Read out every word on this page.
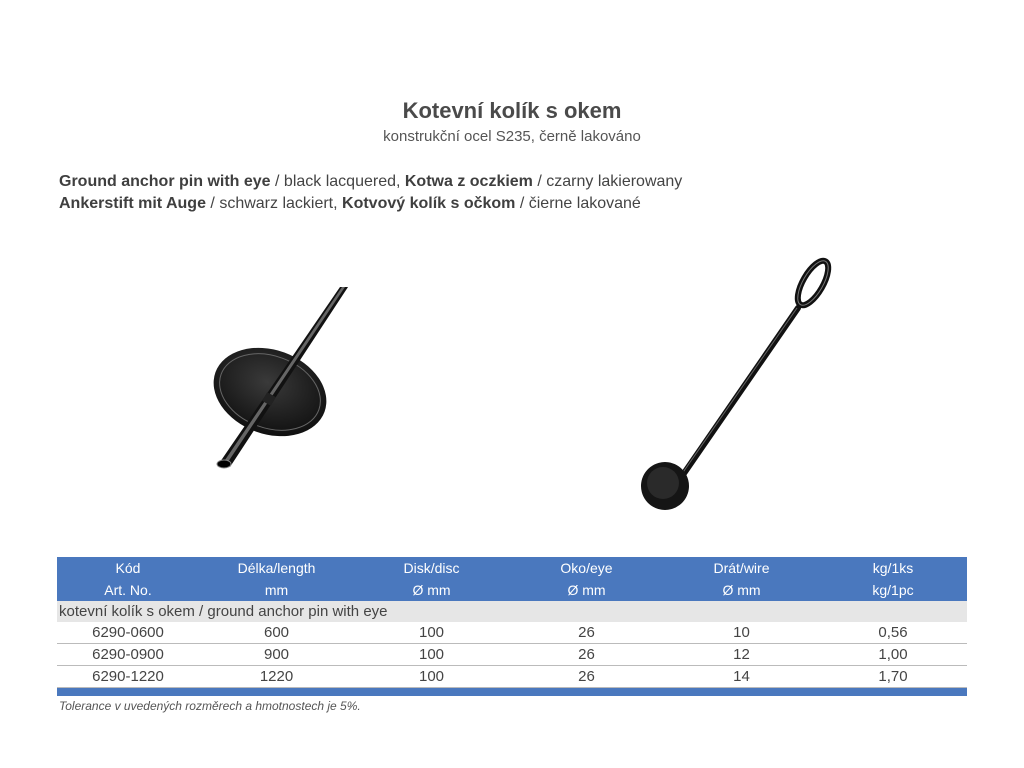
Kotevní kolík s okem
konstrukční ocel S235, černě lakováno
Ground anchor pin with eye / black lacquered, Kotwa z oczkiem / czarny lakierowany
Ankerstift mit Auge / schwarz lackiert, Kotvový kolík s očkom / čierne lakované
Kód	Délka/length	Disk/disc	Oko/eye	Drát/wire	kg/1ks
Art. No.	mm	Ø mm	Ø mm	Ø mm	kg/1pc
kotevní kolík s okem / ground anchor pin with eye					
6290-0600	600	100	26	10	0,56
6290-0900	900	100	26	12	1,00
6290-1220	1220	100	26	14	1,70

Tolerance v uvedených rozměrech a hmotnostech je 5%.
